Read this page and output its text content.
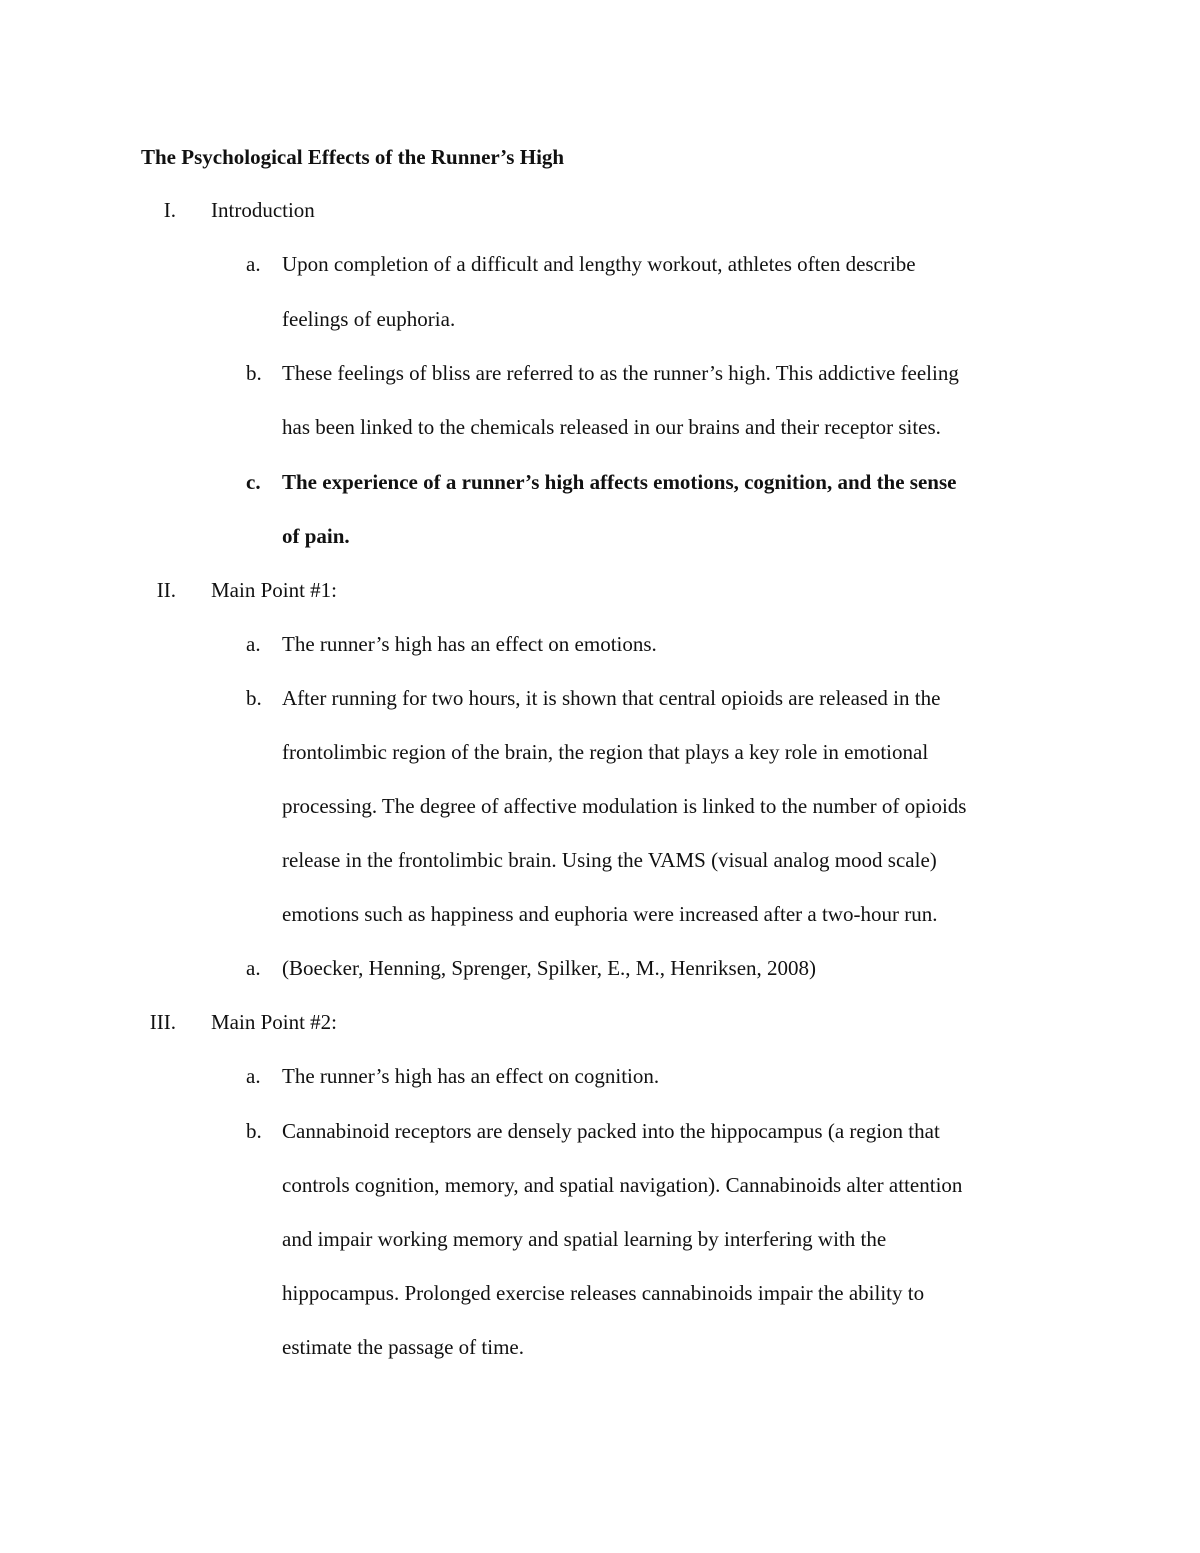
The Psychological Effects of the Runner’s High
I. Introduction
a. Upon completion of a difficult and lengthy workout, athletes often describe
feelings of euphoria.
b. These feelings of bliss are referred to as the runner’s high. This addictive feeling
has been linked to the chemicals released in our brains and their receptor sites.
c. The experience of a runner’s high affects emotions, cognition, and the sense
of pain.
II. Main Point #1:
a. The runner’s high has an effect on emotions.
b. After running for two hours, it is shown that central opioids are released in the
frontolimbic region of the brain, the region that plays a key role in emotional
processing. The degree of affective modulation is linked to the number of opioids
release in the frontolimbic brain. Using the VAMS (visual analog mood scale)
emotions such as happiness and euphoria were increased after a two-hour run.
a. (Boecker, Henning, Sprenger, Spilker, E., M., Henriksen, 2008)
III. Main Point #2:
a. The runner’s high has an effect on cognition.
b. Cannabinoid receptors are densely packed into the hippocampus (a region that
controls cognition, memory, and spatial navigation). Cannabinoids alter attention
and impair working memory and spatial learning by interfering with the
hippocampus. Prolonged exercise releases cannabinoids impair the ability to
estimate the passage of time.
